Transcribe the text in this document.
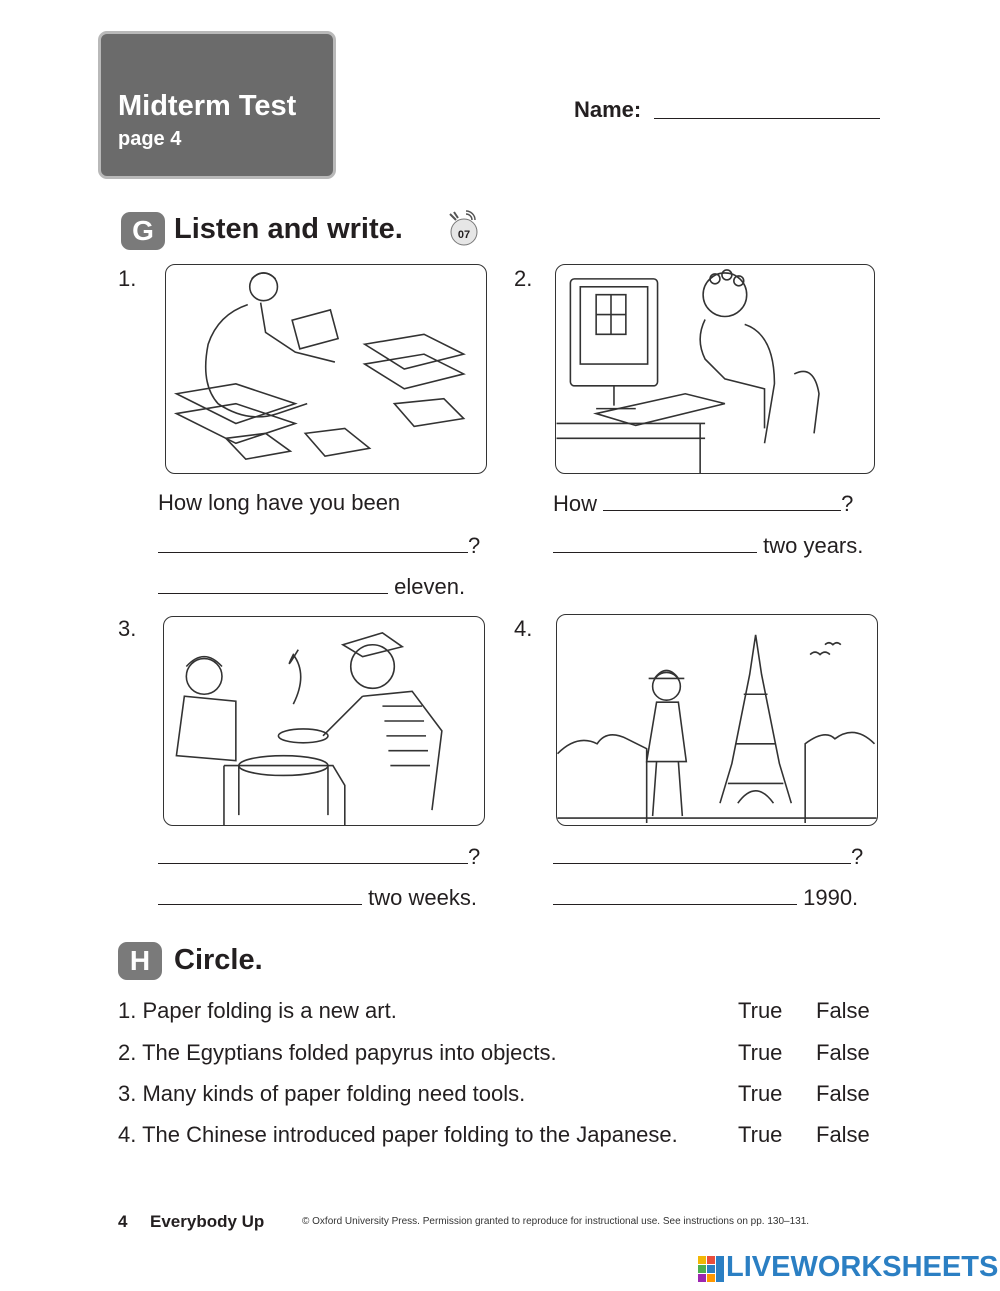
Midterm Test
page 4
Name:
G Listen and write.	07
1.
How long have you been
?
eleven.
2.
How	?
two years.
3.
?
two weeks.
4.
?
1990.
H Circle.
1. Paper folding is a new art.	True False
2. The Egyptians folded papyrus into objects.	True False
3. Many kinds of paper folding need tools.	True False
4. The Chinese introduced paper folding to the Japanese.	True False
4 Everybody Up	© Oxford University Press. Permission granted to reproduce for instructional use. See instructions on pp. 130–131.
LIVEWORKSHEETS
